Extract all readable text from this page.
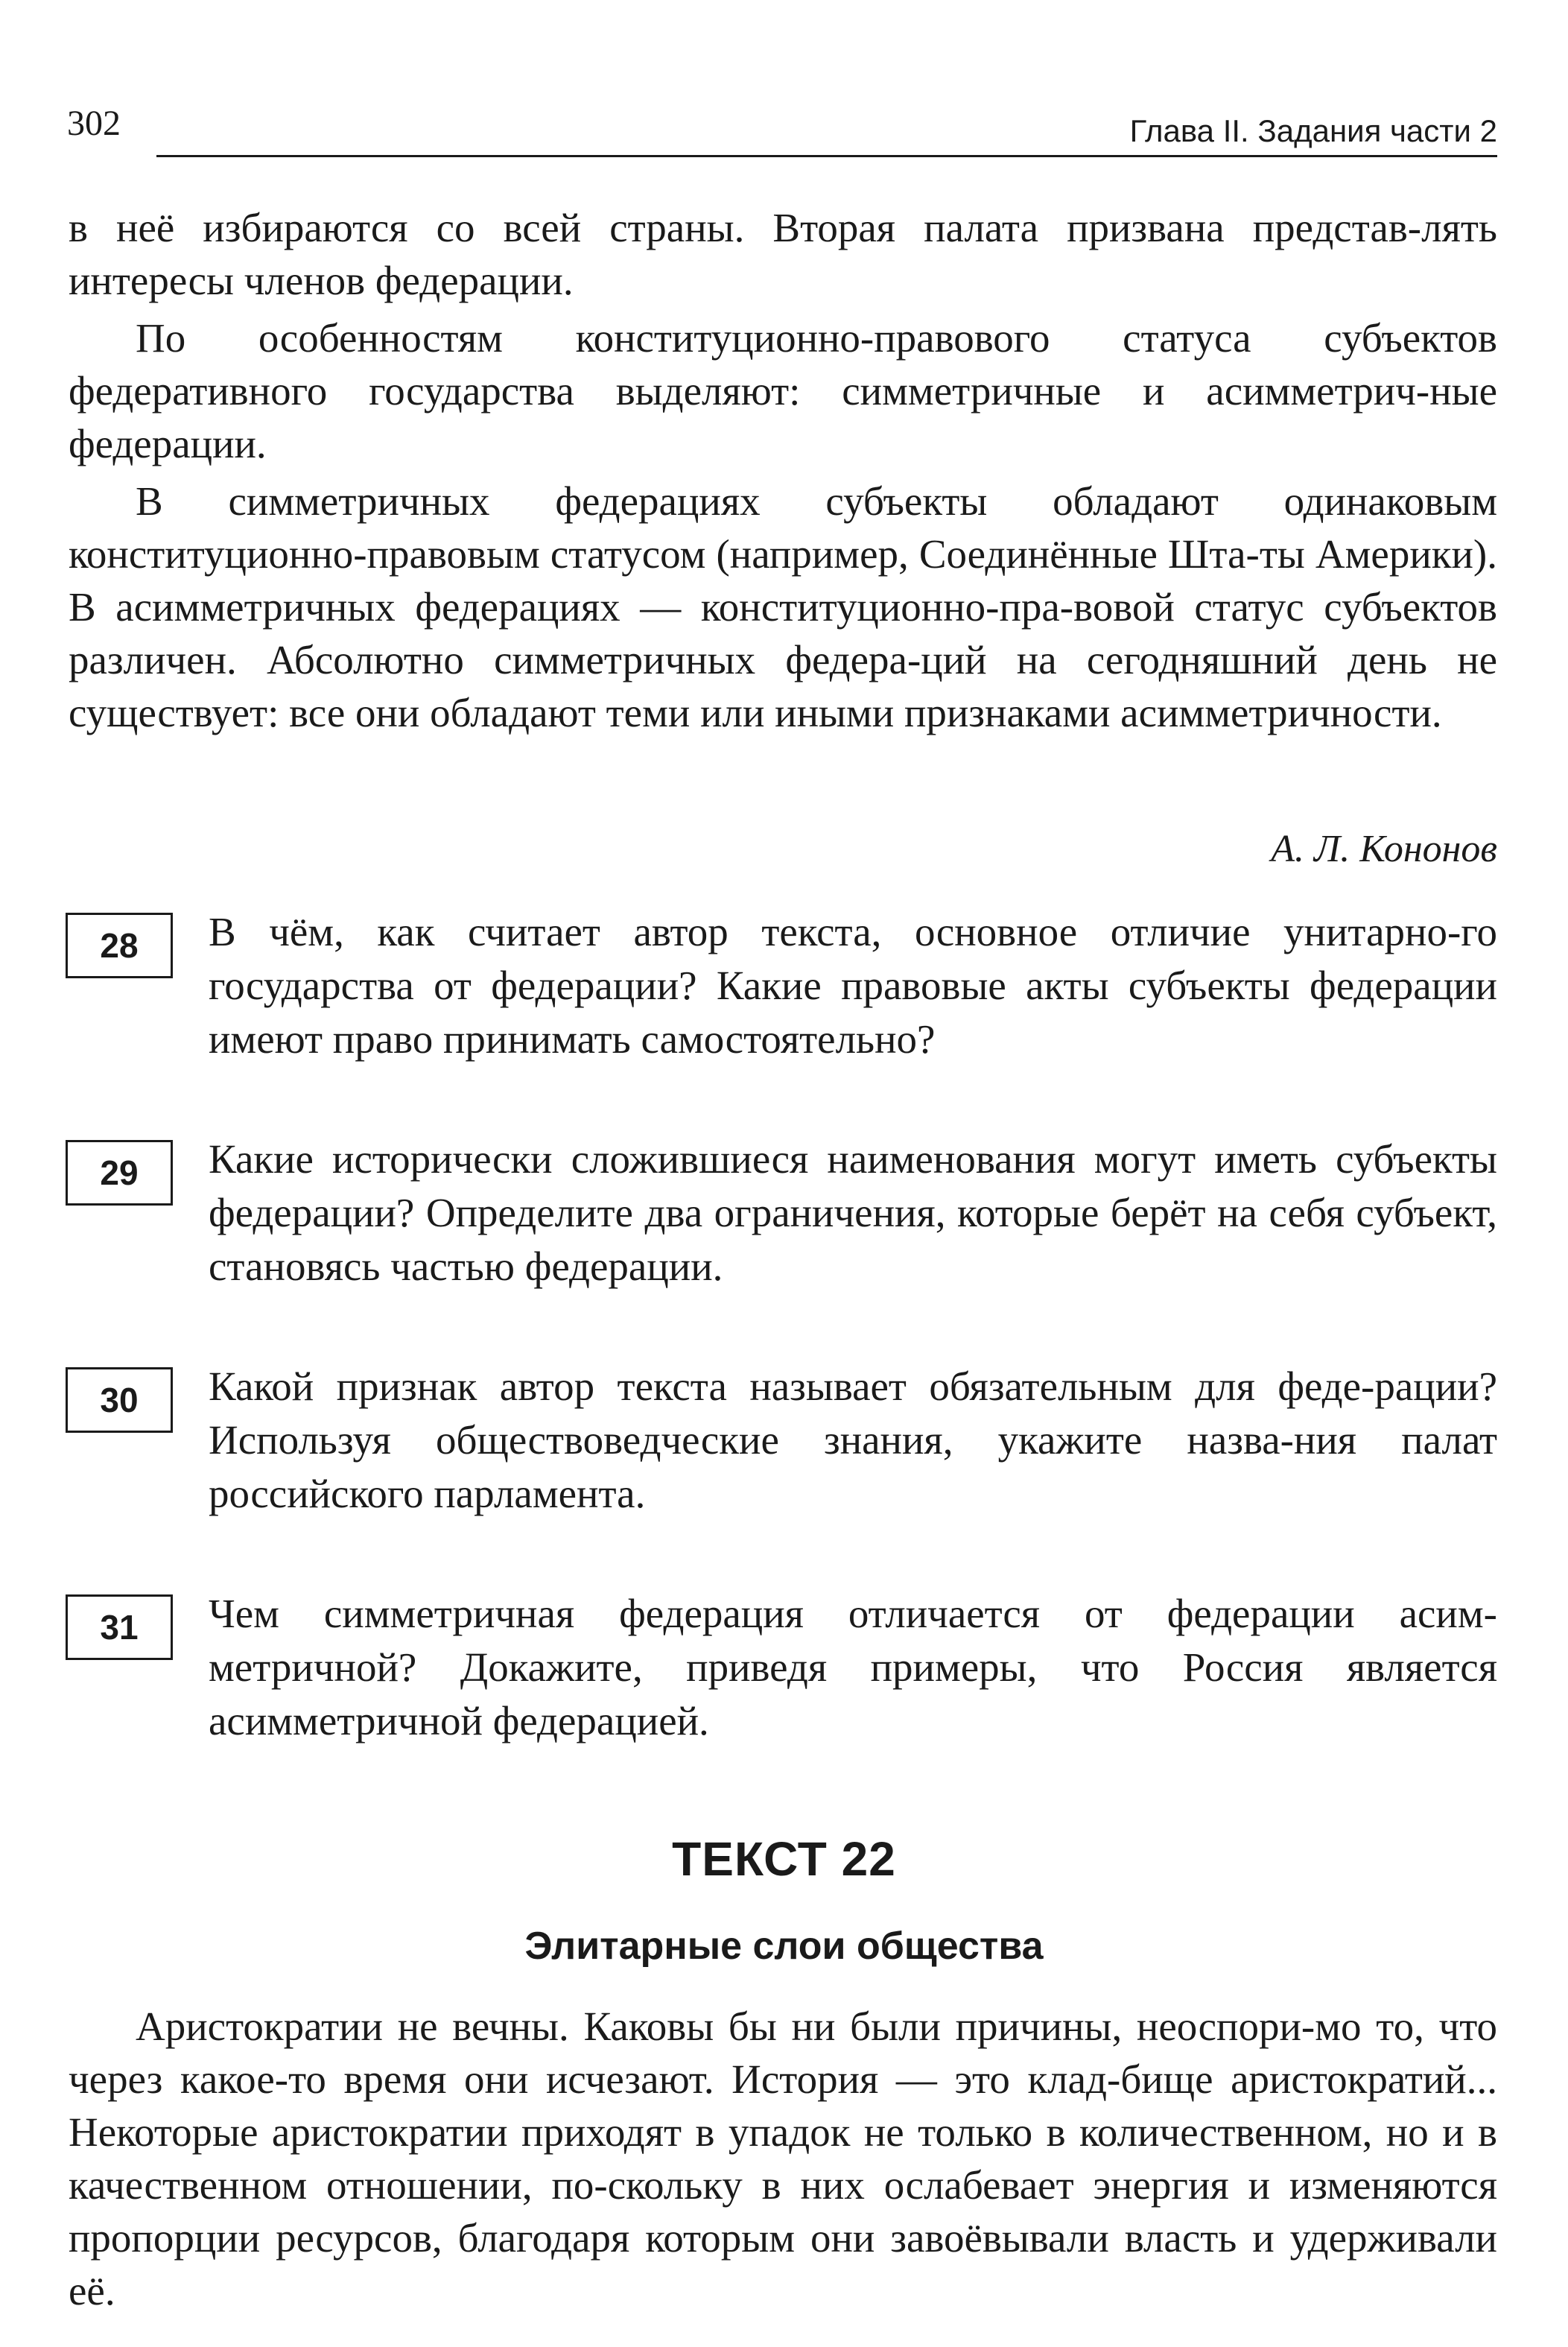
302	Глава II. Задания части 2

в неё избираются со всей страны. Вторая палата призвана представ-лять интересы членов федерации.

По особенностям конституционно-правового статуса субъектов федеративного государства выделяют: симметричные и асимметрич-ные федерации.

В симметричных федерациях субъекты обладают одинаковым конституционно-правовым статусом (например, Соединённые Шта-ты Америки). В асимметричных федерациях — конституционно-пра-вовой статус субъектов различен. Абсолютно симметричных федера-ций на сегодняшний день не существует: все они обладают теми или иными признаками асимметричности.

А. Л. Кононов
28	В чём, как считает автор текста, основное отличие унитарно-го государства от федерации? Какие правовые акты субъекты федерации имеют право принимать самостоятельно?

29	Какие исторически сложившиеся наименования могут иметь субъекты федерации? Определите два ограничения, которые берёт на себя субъект, становясь частью федерации.

30	Какой признак автор текста называет обязательным для феде-рации? Используя обществоведческие знания, укажите назва-ния палат российского парламента.

31	Чем симметричная федерация отличается от федерации асим-метричной? Докажите, приведя примеры, что Россия является асимметричной федерацией.

ТЕКСТ 22
Элитарные слои общества

Аристократии не вечны. Каковы бы ни были причины, неоспори-мо то, что через какое-то время они исчезают. История — это клад-бище аристократий... Некоторые аристократии приходят в упадок не только в количественном, но и в качественном отношении, по-скольку в них ослабевает энергия и изменяются пропорции ресурсов, благодаря которым они завоёвывали власть и удерживали её.
